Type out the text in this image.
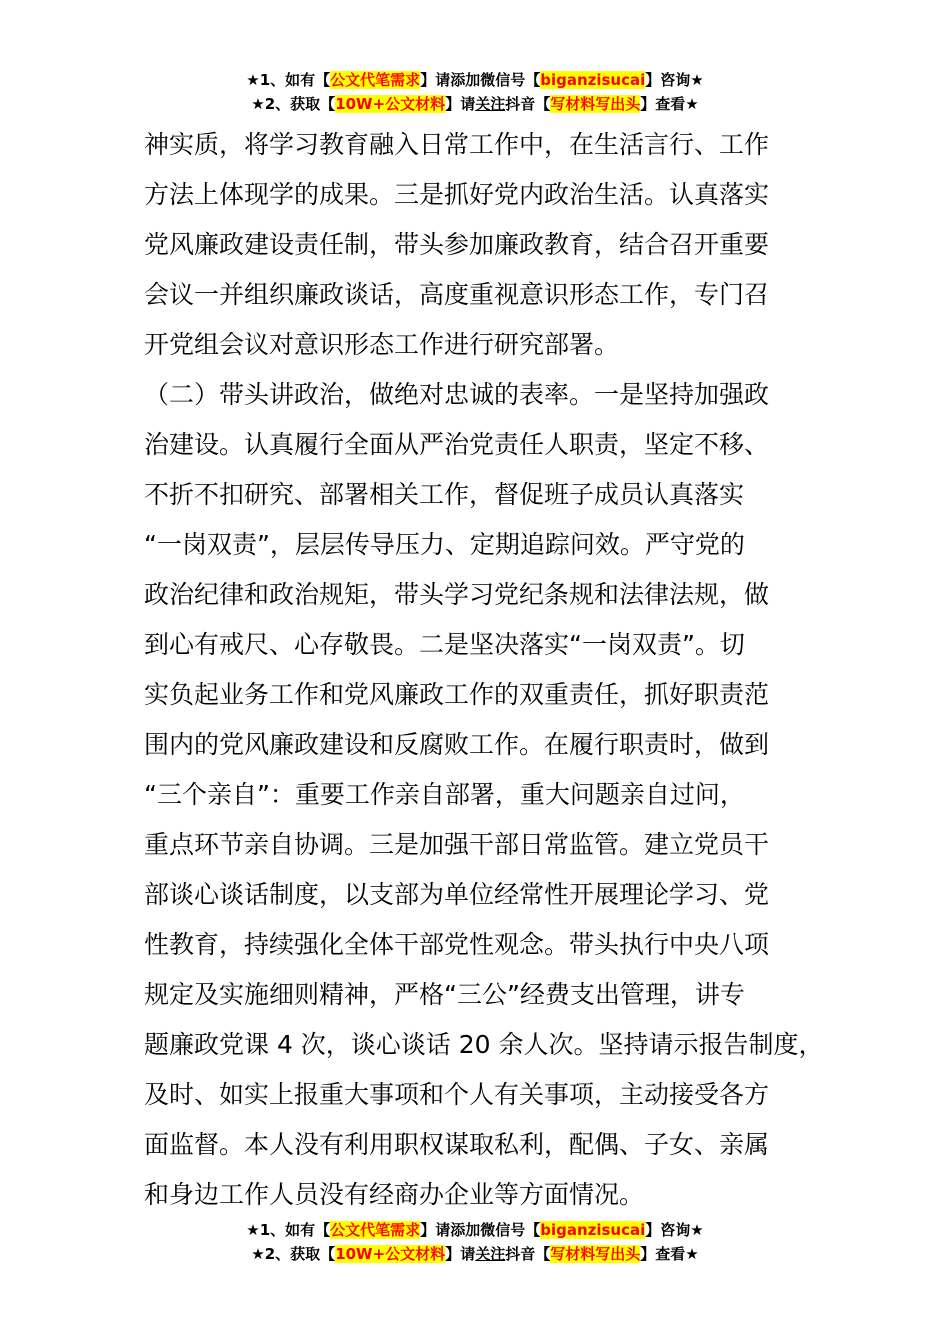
★1、如有【公文代笔需求】请添加微信号【biganzisucai】咨询★
★2、获取【10W+公文材料】请关注抖音【写材料写出头】查看★
神实质，将学习教育融入日常工作中，在生活言行、工作
方法上体现学的成果。三是抓好党内政治生活。认真落实
党风廉政建设责任制，带头参加廉政教育，结合召开重要
会议一并组织廉政谈话，高度重视意识形态工作，专门召
开党组会议对意识形态工作进行研究部署。
（二）带头讲政治，做绝对忠诚的表率。一是坚持加强政
治建设。认真履行全面从严治党责任人职责，坚定不移、
不折不扣研究、部署相关工作，督促班子成员认真落实
“一岗双责”，层层传导压力、定期追踪问效。严守党的
政治纪律和政治规矩，带头学习党纪条规和法律法规，做
到心有戒尺、心存敬畏。二是坚决落实“一岗双责”。切
实负起业务工作和党风廉政工作的双重责任，抓好职责范
围内的党风廉政建设和反腐败工作。在履行职责时，做到
“三个亲自”：重要工作亲自部署，重大问题亲自过问，
重点环节亲自协调。三是加强干部日常监管。建立党员干
部谈心谈话制度，以支部为单位经常性开展理论学习、党
性教育，持续强化全体干部党性观念。带头执行中央八项
规定及实施细则精神，严格“三公”经费支出管理，讲专
题廉政党课 4 次，谈心谈话 20 余人次。坚持请示报告制度，
及时、如实上报重大事项和个人有关事项，主动接受各方
面监督。本人没有利用职权谋取私利，配偶、子女、亲属
和身边工作人员没有经商办企业等方面情况。
★1、如有【公文代笔需求】请添加微信号【biganzisucai】咨询★
★2、获取【10W+公文材料】请关注抖音【写材料写出头】查看★
